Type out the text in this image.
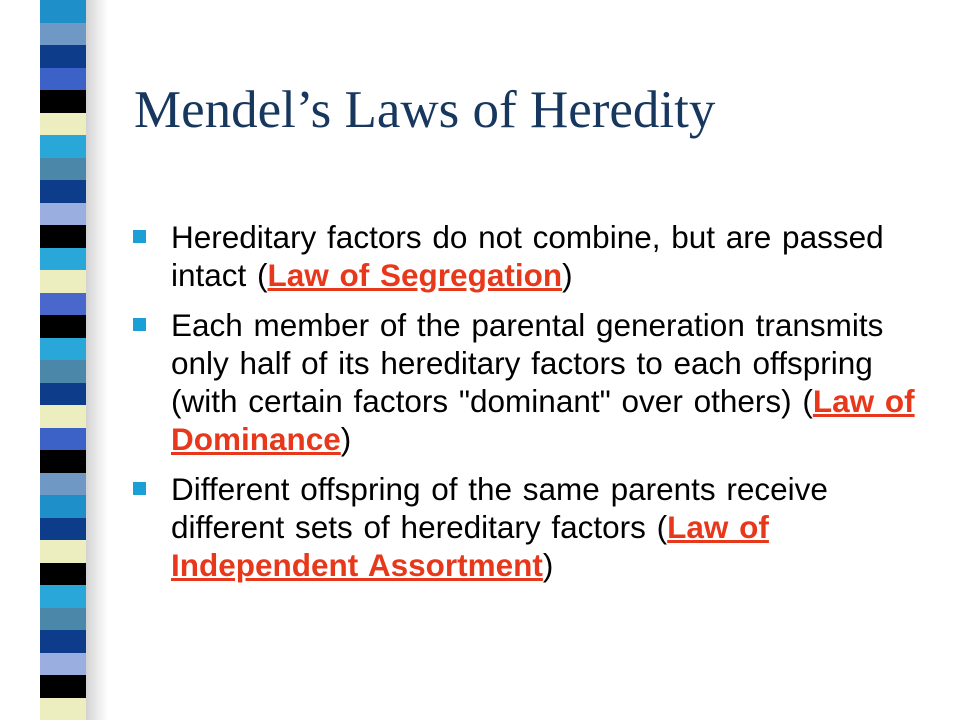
Mendel’s Laws of Heredity
Hereditary factors do not combine, but are passed intact (Law of Segregation)
Each member of the parental generation transmits only half of its hereditary factors to each offspring (with certain factors "dominant" over others) (Law of Dominance)
Different offspring of the same parents receive different sets of hereditary factors (Law of Independent Assortment)
